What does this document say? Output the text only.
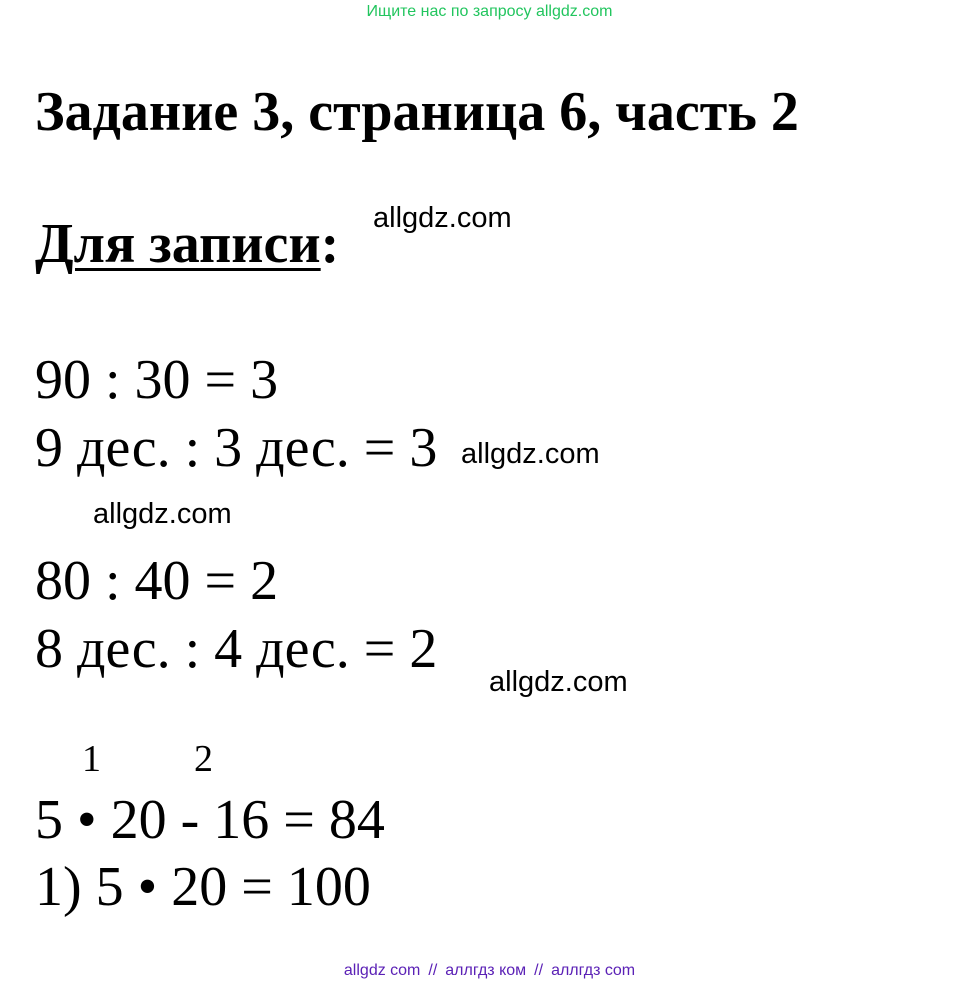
Ищите нас по запросу allgdz.com
Задание 3, страница 6, часть 2
Для записи: allgdz.com
90 : 30 = 3
9 дес. : 3 дес. = 3 allgdz.com
allgdz.com
80 : 40 = 2
8 дес. : 4 дес. = 2
allgdz.com
1 2
5 • 20 - 16 = 84
1) 5 • 20 = 100
allgdz com // аллгдз ком // аллгдз com
